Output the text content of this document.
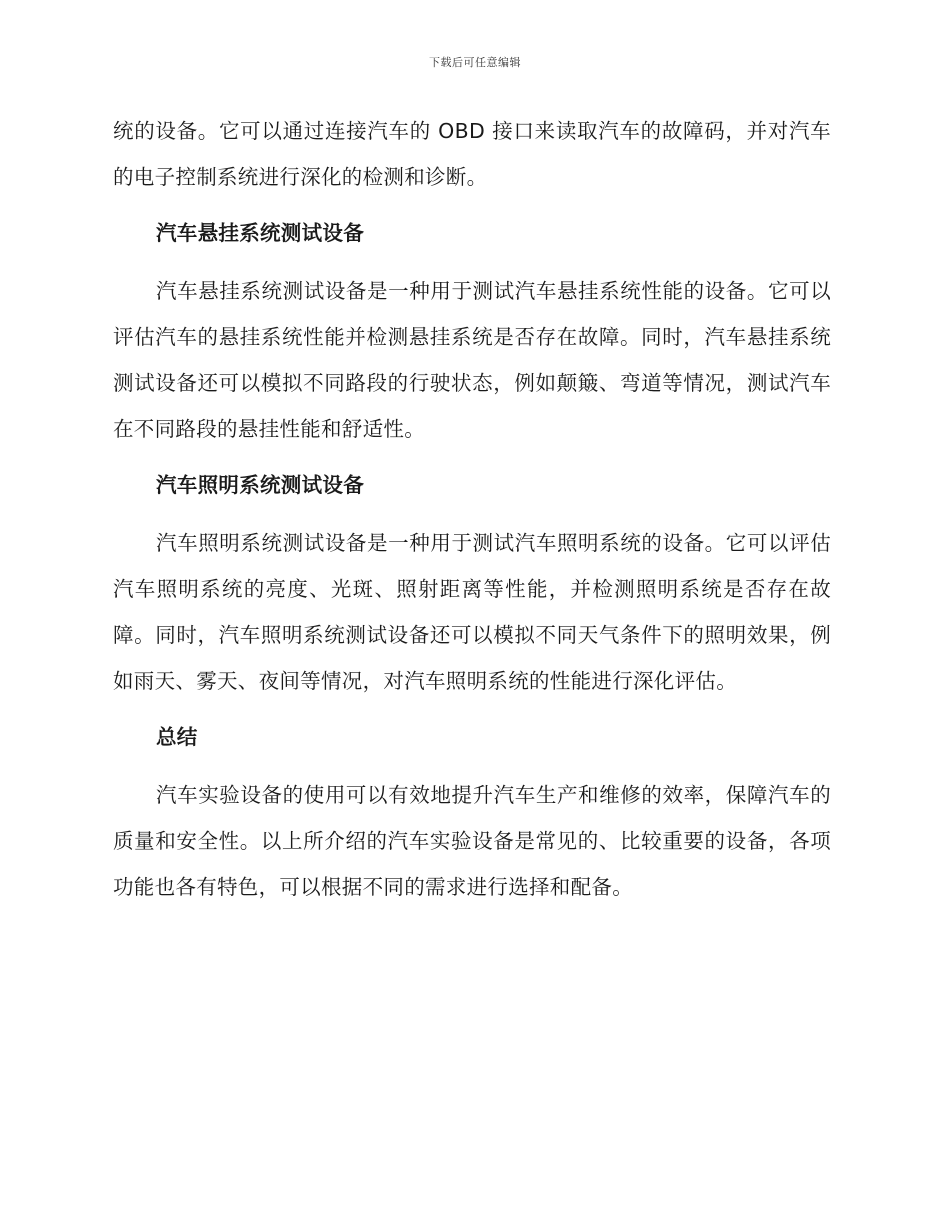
下载后可任意编辑

统的设备。它可以通过连接汽车的 OBD 接口来读取汽车的故障码，并对汽车的电子控制系统进行深化的检测和诊断。

汽车悬挂系统测试设备

汽车悬挂系统测试设备是一种用于测试汽车悬挂系统性能的设备。它可以评估汽车的悬挂系统性能并检测悬挂系统是否存在故障。同时，汽车悬挂系统测试设备还可以模拟不同路段的行驶状态，例如颠簸、弯道等情况，测试汽车在不同路段的悬挂性能和舒适性。

汽车照明系统测试设备

汽车照明系统测试设备是一种用于测试汽车照明系统的设备。它可以评估汽车照明系统的亮度、光斑、照射距离等性能，并检测照明系统是否存在故障。同时，汽车照明系统测试设备还可以模拟不同天气条件下的照明效果，例如雨天、雾天、夜间等情况，对汽车照明系统的性能进行深化评估。

总结

汽车实验设备的使用可以有效地提升汽车生产和维修的效率，保障汽车的质量和安全性。以上所介绍的汽车实验设备是常见的、比较重要的设备，各项功能也各有特色，可以根据不同的需求进行选择和配备。
